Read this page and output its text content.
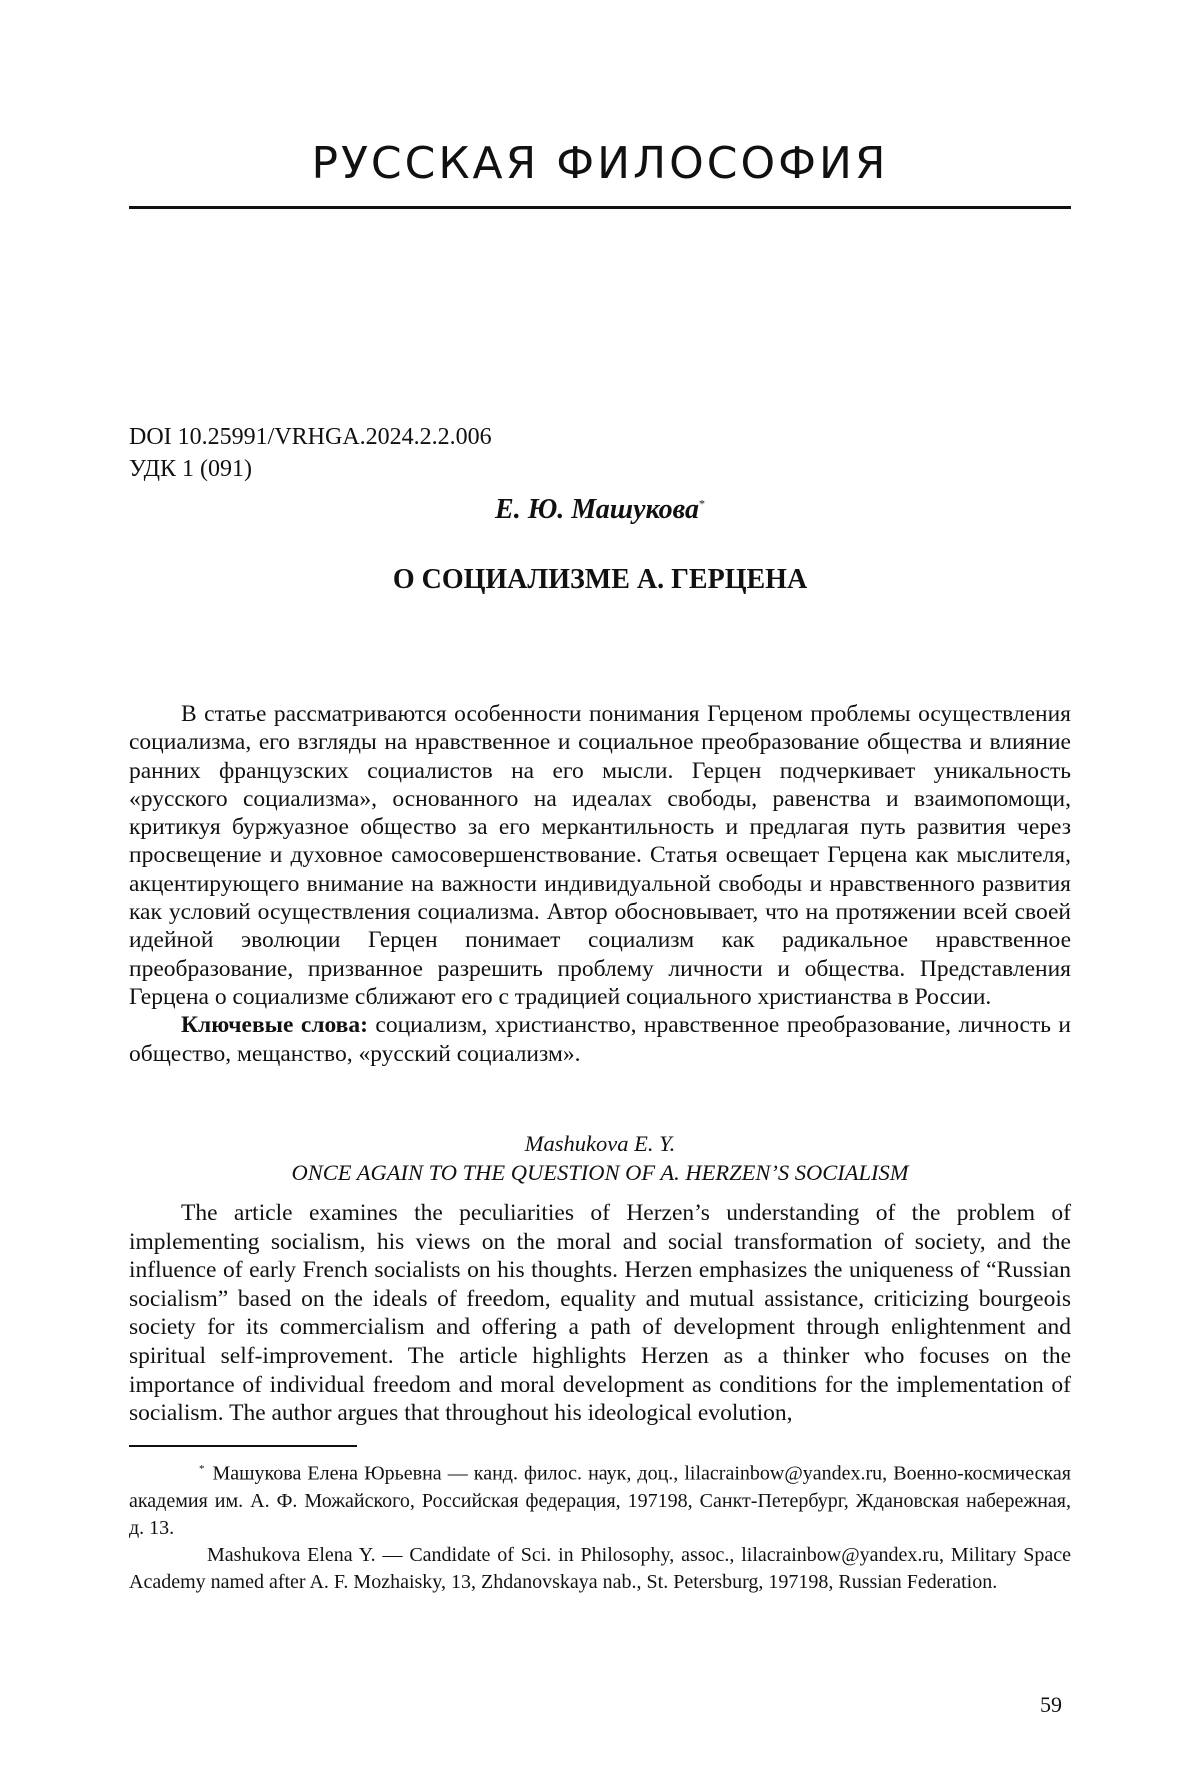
РУССКАЯ ФИЛОСОФИЯ
DOI 10.25991/VRHGA.2024.2.2.006
УДК 1 (091)
Е. Ю. Машукова*
О СОЦИАЛИЗМЕ А. ГЕРЦЕНА

В статье рассматриваются особенности понимания Герценом проблемы осуществления социализма, его взгляды на нравственное и социальное преобразование общества и влияние ранних французских социалистов на его мысли. Герцен подчеркивает уникальность «русского социализма», основанного на идеалах свободы, равенства и взаимопомощи, критикуя буржуазное общество за его меркантильность и предлагая путь развития через просвещение и духовное самосовершенствование. Статья освещает Герцена как мыслителя, акцентирующего внимание на важности индивидуальной свободы и нравственного развития как условий осуществления социализма. Автор обосновывает, что на протяжении всей своей идейной эволюции Герцен понимает социализм как радикальное нравственное преобразование, призванное разрешить проблему личности и общества. Представления Герцена о социализме сближают его с традицией социального христианства в России.

Ключевые слова: социализм, христианство, нравственное преобразование, личность и общество, мещанство, «русский социализм».

Mashukova E. Y.
ONCE AGAIN TO THE QUESTION OF A. HERZEN’S SOCIALISM

The article examines the peculiarities of Herzen’s understanding of the problem of implementing socialism, his views on the moral and social transformation of society, and the influence of early French socialists on his thoughts. Herzen emphasizes the uniqueness of “Russian socialism” based on the ideals of freedom, equality and mutual assistance, criticizing bourgeois society for its commercialism and offering a path of development through enlightenment and spiritual self-improvement. The article highlights Herzen as a thinker who focuses on the importance of individual freedom and moral development as conditions for the implementation of socialism. The author argues that throughout his ideological evolution,

* Машукова Елена Юрьевна — канд. филос. наук, доц., lilacrainbow@yandex.ru, Военно-космическая академия им. А. Ф. Можайского, Российская федерация, 197198, Санкт-Петербург, Ждановская набережная, д. 13.

Mashukova Elena Y. — Candidate of Sci. in Philosophy, assoc., lilacrainbow@yandex.ru, Military Space Academy named after A. F. Mozhaisky, 13, Zhdanovskaya nab., St. Petersburg, 197198, Russian Federation.

59
